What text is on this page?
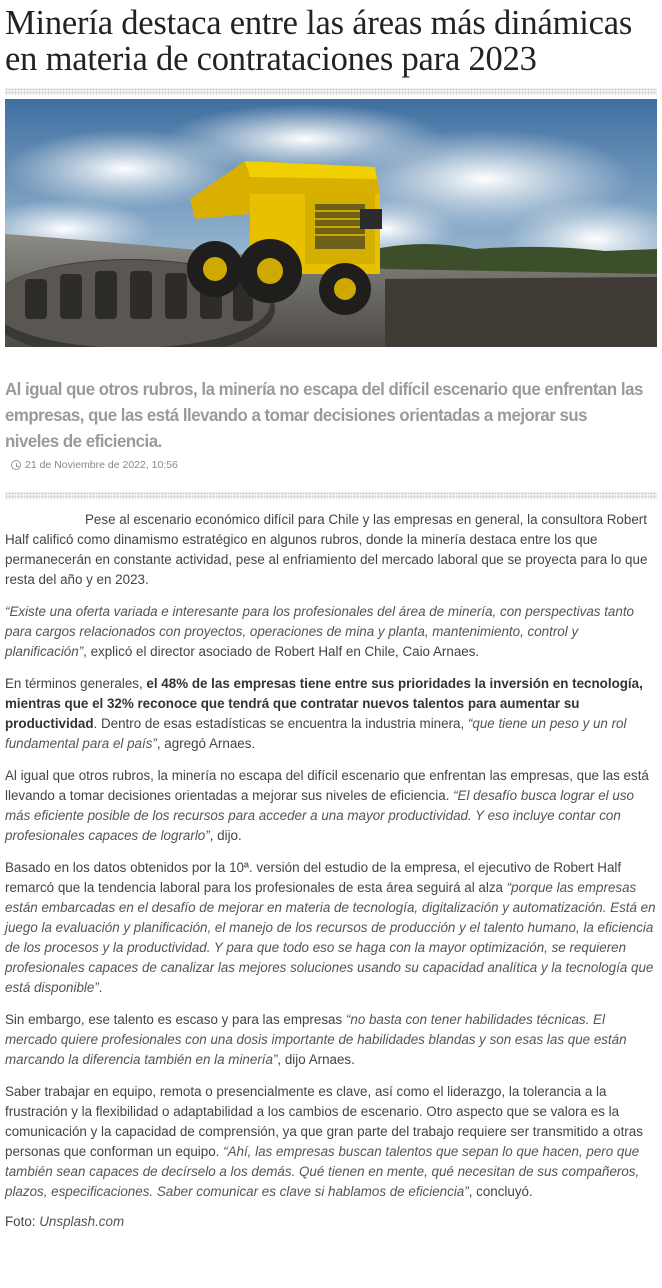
Minería destaca entre las áreas más dinámicas en materia de contrataciones para 2023

Al igual que otros rubros, la minería no escapa del difícil escenario que enfrentan las empresas, que las está llevando a tomar decisiones orientadas a mejorar sus niveles de eficiencia.

21 de Noviembre de 2022, 10:56

Pese al escenario económico difícil para Chile y las empresas en general, la consultora Robert Half calificó como dinamismo estratégico en algunos rubros, donde la minería destaca entre los que permanecerán en constante actividad, pese al enfriamiento del mercado laboral que se proyecta para lo que resta del año y en 2023.

“Existe una oferta variada e interesante para los profesionales del área de minería, con perspectivas tanto para cargos relacionados con proyectos, operaciones de mina y planta, mantenimiento, control y planificación”, explicó el director asociado de Robert Half en Chile, Caio Arnaes.

En términos generales, el 48% de las empresas tiene entre sus prioridades la inversión en tecnología, mientras que el 32% reconoce que tendrá que contratar nuevos talentos para aumentar su productividad. Dentro de esas estadísticas se encuentra la industria minera, “que tiene un peso y un rol fundamental para el país”, agregó Arnaes.

Al igual que otros rubros, la minería no escapa del difícil escenario que enfrentan las empresas, que las está llevando a tomar decisiones orientadas a mejorar sus niveles de eficiencia. “El desafío busca lograr el uso más eficiente posible de los recursos para acceder a una mayor productividad. Y eso incluye contar con profesionales capaces de lograrlo”, dijo.

Basado en los datos obtenidos por la 10ª. versión del estudio de la empresa, el ejecutivo de Robert Half remarcó que la tendencia laboral para los profesionales de esta área seguirá al alza “porque las empresas están embarcadas en el desafío de mejorar en materia de tecnología, digitalización y automatización. Está en juego la evaluación y planificación, el manejo de los recursos de producción y el talento humano, la eficiencia de los procesos y la productividad. Y para que todo eso se haga con la mayor optimización, se requieren profesionales capaces de canalizar las mejores soluciones usando su capacidad analítica y la tecnología que está disponible”.

Sin embargo, ese talento es escaso y para las empresas “no basta con tener habilidades técnicas. El mercado quiere profesionales con una dosis importante de habilidades blandas y son esas las que están marcando la diferencia también en la minería”, dijo Arnaes.

Saber trabajar en equipo, remota o presencialmente es clave, así como el liderazgo, la tolerancia a la frustración y la flexibilidad o adaptabilidad a los cambios de escenario. Otro aspecto que se valora es la comunicación y la capacidad de comprensión, ya que gran parte del trabajo requiere ser transmitido a otras personas que conforman un equipo. “Ahí, las empresas buscan talentos que sepan lo que hacen, pero que también sean capaces de decírselo a los demás. Qué tienen en mente, qué necesitan de sus compañeros, plazos, especificaciones. Saber comunicar es clave si hablamos de eficiencia”, concluyó.

Foto: Unsplash.com
